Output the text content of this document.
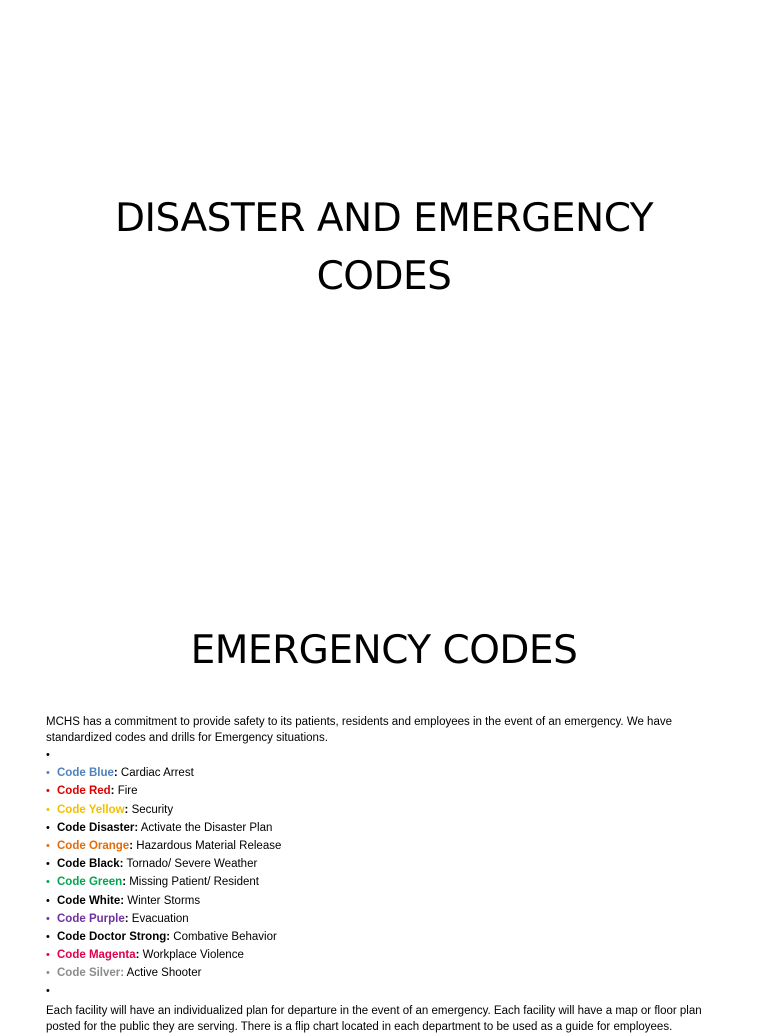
DISASTER AND EMERGENCY
CODES
EMERGENCY CODES

MCHS has a commitment to provide safety to its patients, residents and employees in the event of an emergency. We have standardized codes and drills for Emergency situations.

•
• Code Blue: Cardiac Arrest
• Code Red: Fire
• Code Yellow: Security
• Code Disaster: Activate the Disaster Plan
• Code Orange: Hazardous Material Release
• Code Black: Tornado/ Severe Weather
• Code Green: Missing Patient/ Resident
• Code White: Winter Storms
• Code Purple: Evacuation
• Code Doctor Strong: Combative Behavior
• Code Magenta: Workplace Violence
• Code Silver: Active Shooter
•

Each facility will have an individualized plan for departure in the event of an emergency. Each facility will have a map or floor plan posted for the public they are serving. There is a flip chart located in each department to be used as a guide for employees.
